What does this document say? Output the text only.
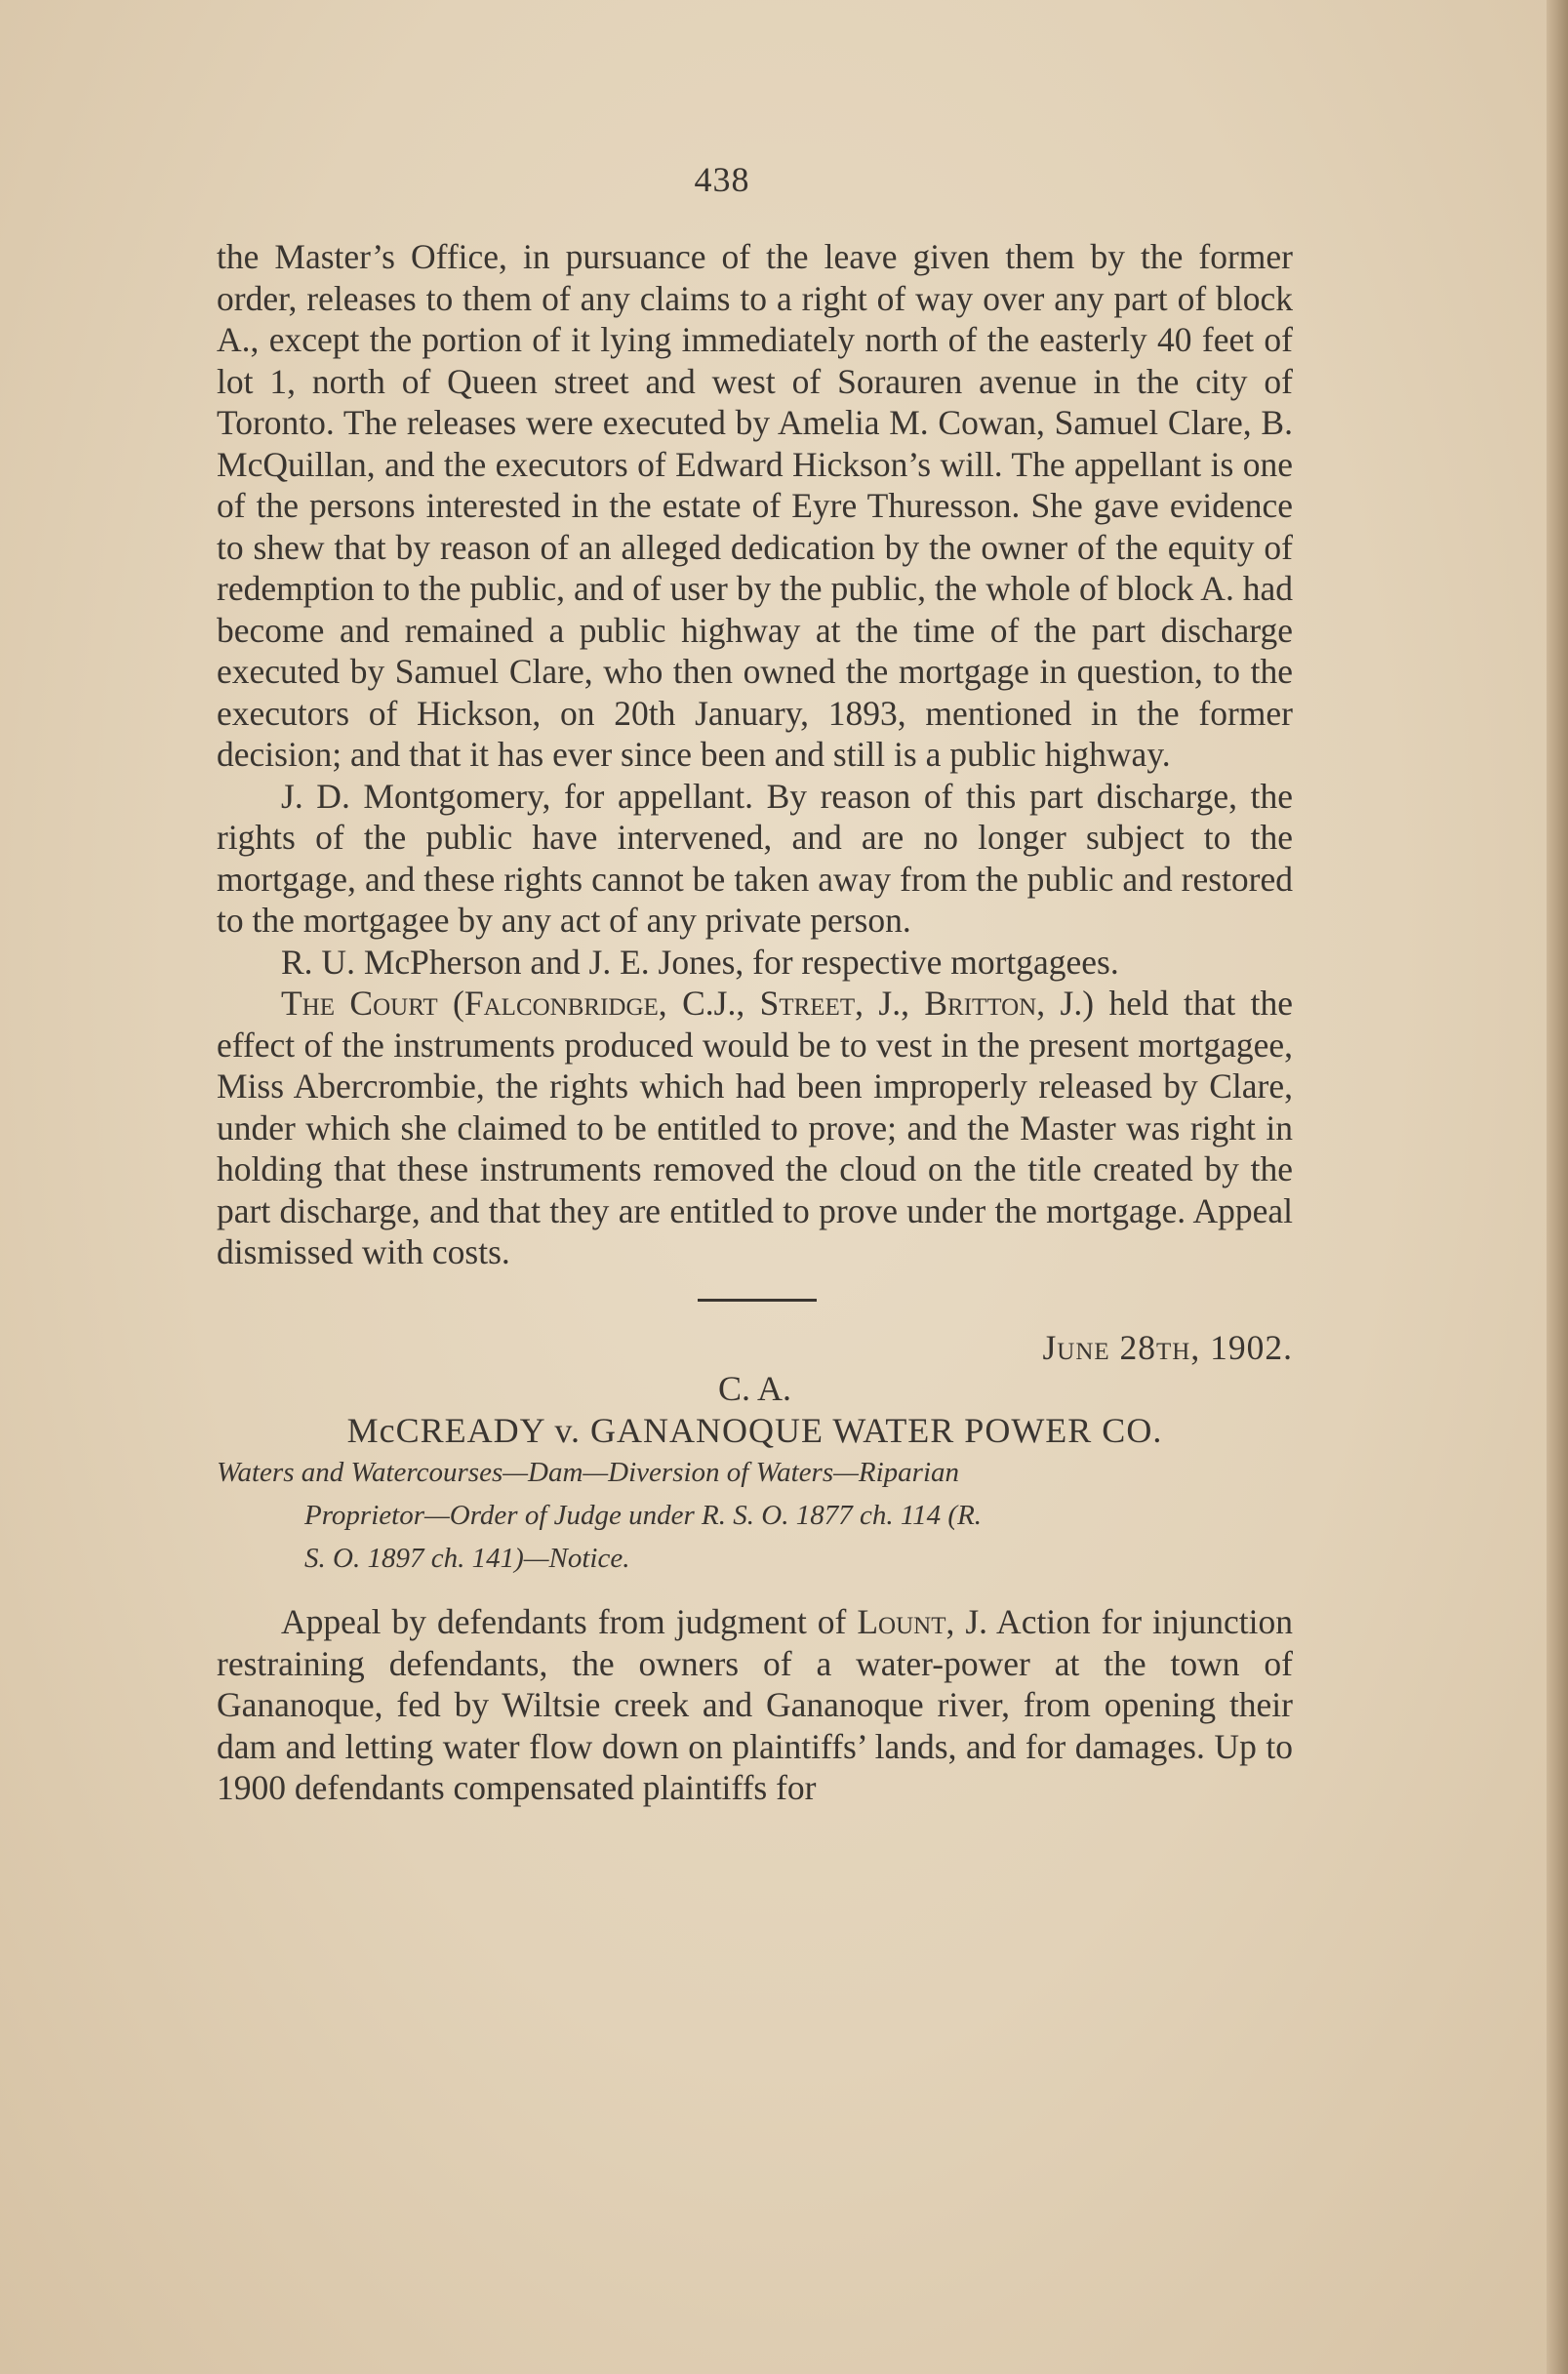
438

the Master’s Office, in pursuance of the leave given them by the former order, releases to them of any claims to a right of way over any part of block A., except the portion of it lying immediately north of the easterly 40 feet of lot 1, north of Queen street and west of Sorauren avenue in the city of Toronto. The releases were executed by Amelia M. Cowan, Samuel Clare, B. McQuillan, and the executors of Edward Hickson’s will. The appellant is one of the persons interested in the estate of Eyre Thuresson. She gave evidence to shew that by reason of an alleged dedication by the owner of the equity of redemption to the public, and of user by the public, the whole of block A. had become and remained a public highway at the time of the part discharge executed by Samuel Clare, who then owned the mortgage in question, to the executors of Hickson, on 20th January, 1893, mentioned in the former decision; and that it has ever since been and still is a public highway.

J. D. Montgomery, for appellant. By reason of this part discharge, the rights of the public have intervened, and are no longer subject to the mortgage, and these rights cannot be taken away from the public and restored to the mortgagee by any act of any private person.

R. U. McPherson and J. E. Jones, for respective mortgagees.

The Court (Falconbridge, C.J., Street, J., Britton, J.) held that the effect of the instruments produced would be to vest in the present mortgagee, Miss Abercrombie, the rights which had been improperly released by Clare, under which she claimed to be entitled to prove; and the Master was right in holding that these instruments removed the cloud on the title created by the part discharge, and that they are entitled to prove under the mortgage. Appeal dismissed with costs.

June 28th, 1902.

C. A.

McCREADY v. GANANOQUE WATER POWER CO.

Waters and Watercourses—Dam—Diversion of Waters—Riparian
Proprietor—Order of Judge under R. S. O. 1877 ch. 114 (R.
S. O. 1897 ch. 141)—Notice.

Appeal by defendants from judgment of Lount, J. Action for injunction restraining defendants, the owners of a water-power at the town of Gananoque, fed by Wiltsie creek and Gananoque river, from opening their dam and letting water flow down on plaintiffs’ lands, and for damages. Up to 1900 defendants compensated plaintiffs for
